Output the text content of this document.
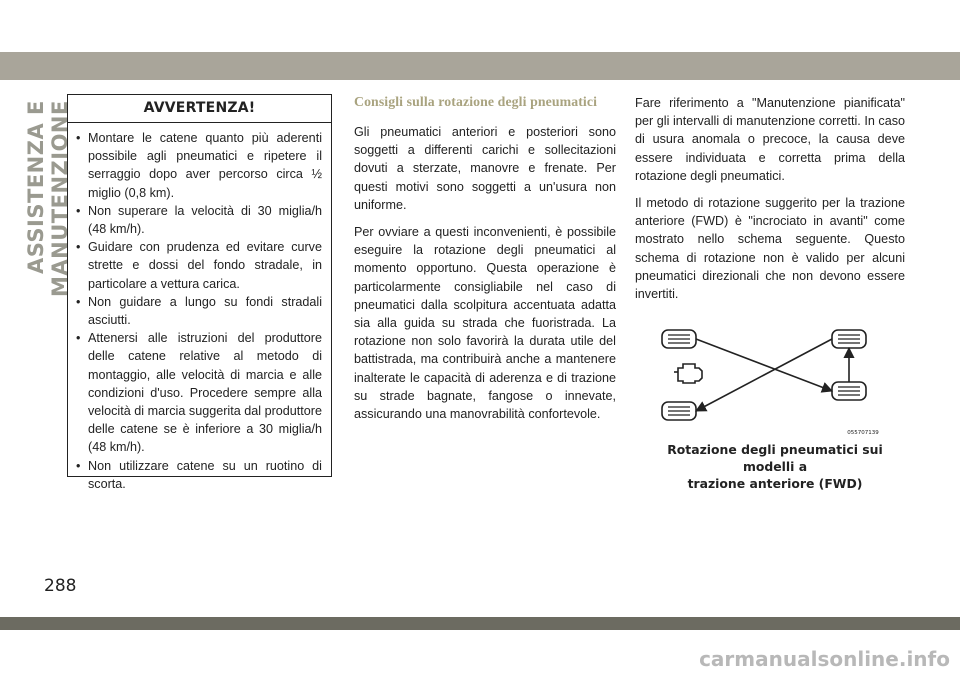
ASSISTENZA E MANUTENZIONE	AVVERTENZA!
• Montare le catene quanto più aderenti possibile agli pneumatici e ripetere il serraggio dopo aver percorso circa ½ miglio (0,8 km).
• Non superare la velocità di 30 miglia/h (48 km/h).
• Guidare con prudenza ed evitare curve strette e dossi del fondo stradale, in particolare a vettura carica.
• Non guidare a lungo su fondi stradali asciutti.
• Attenersi alle istruzioni del produttore delle catene relative al metodo di montaggio, alle velocità di marcia e alle condizioni d'uso. Procedere sempre alla velocità di marcia suggerita dal produttore delle catene se è inferiore a 30 miglia/h (48 km/h).
• Non utilizzare catene su un ruotino di scorta.
Consigli sulla rotazione degli pneumatici

Gli pneumatici anteriori e posteriori sono soggetti a differenti carichi e sollecitazioni dovuti a sterzate, manovre e frenate. Per questi motivi sono soggetti a un'usura non uniforme.

Per ovviare a questi inconvenienti, è possibile eseguire la rotazione degli pneumatici al momento opportuno. Questa operazione è particolarmente consigliabile nel caso di pneumatici dalla scolpitura accentuata adatta sia alla guida su strada che fuoristrada. La rotazione non solo favorirà la durata utile del battistrada, ma contribuirà anche a mantenere inalterate le capacità di aderenza e di trazione su strade bagnate, fangose o innevate, assicurando una manovrabilità confortevole.

Fare riferimento a "Manutenzione pianificata" per gli intervalli di manutenzione corretti. In caso di usura anomala o precoce, la causa deve essere individuata e corretta prima della rotazione degli pneumatici.

Il metodo di rotazione suggerito per la trazione anteriore (FWD) è "incrociato in avanti" come mostrato nello schema seguente. Questo schema di rotazione non è valido per alcuni pneumatici direzionali che non devono essere invertiti.

055707139
Rotazione degli pneumatici sui modelli a
trazione anteriore (FWD)
288
carmanualsonline.info
